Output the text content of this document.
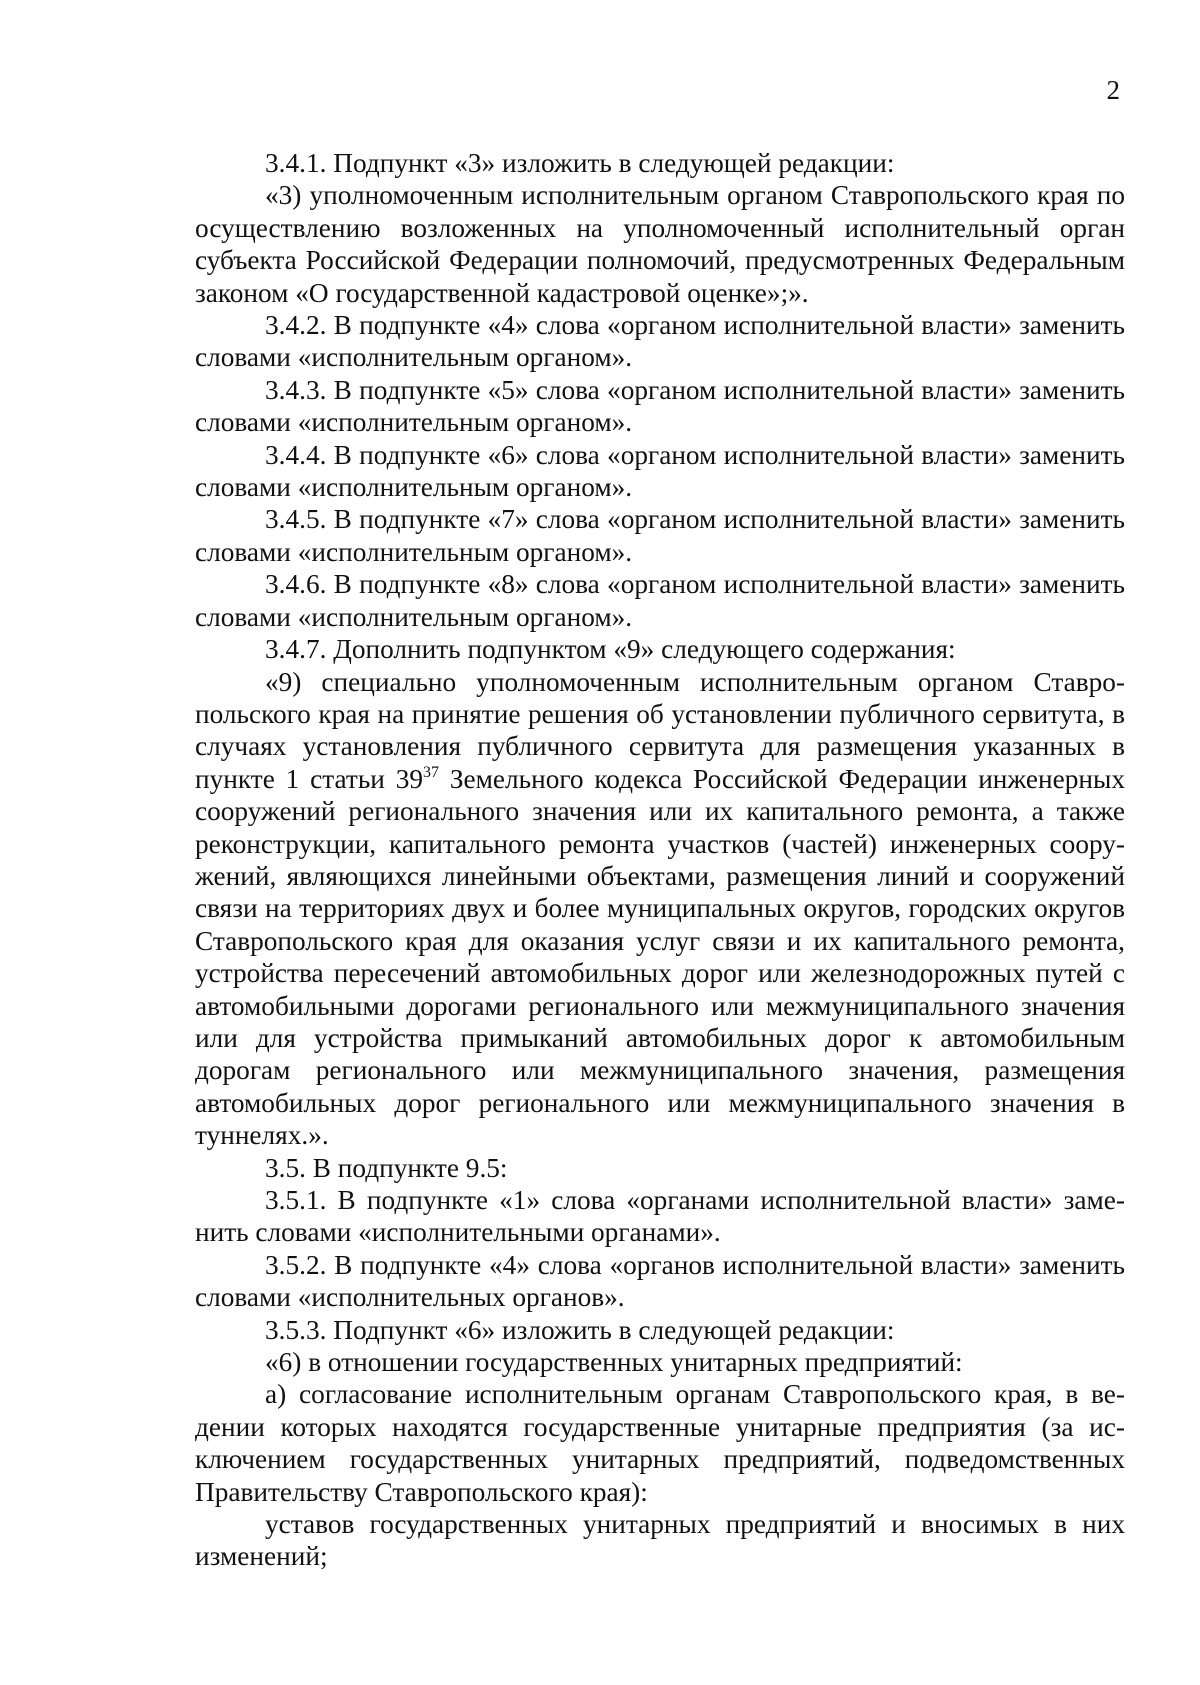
2

3.4.1. Подпункт «3» изложить в следующей редакции:

«3) уполномоченным исполнительным органом Ставропольского края по осуществлению возложенных на уполномоченный исполнительный орган субъекта Российской Федерации полномочий, предусмотренных Федеральным законом «О государственной кадастровой оценке»;».

3.4.2. В подпункте «4» слова «органом исполнительной власти» заменить словами «исполнительным органом».

3.4.3. В подпункте «5» слова «органом исполнительной власти» заменить словами «исполнительным органом».

3.4.4. В подпункте «6» слова «органом исполнительной власти» заменить словами «исполнительным органом».

3.4.5. В подпункте «7» слова «органом исполнительной власти» заменить словами «исполнительным органом».

3.4.6. В подпункте «8» слова «органом исполнительной власти» заменить словами «исполнительным органом».

3.4.7. Дополнить подпунктом «9» следующего содержания:

«9) специально уполномоченным исполнительным органом Ставропольского края на принятие решения об установлении публичного сервитута, в случаях установления публичного сервитута для размещения указанных в пункте 1 статьи $39^{37}$ Земельного кодекса Российской Федерации инженерных сооружений регионального значения или их капитального ремонта, а также реконструкции, капитального ремонта участков (частей) инженерных сооружений, являющихся линейными объектами, размещения линий и сооружений связи на территориях двух и более муниципальных округов, городских округов Ставропольского края для оказания услуг связи и их капитального ремонта, устройства пересечений автомобильных дорог или железнодорожных путей с автомобильными дорогами регионального или межмуниципального значения или для устройства примыканий автомобильных дорог к автомобильным дорогам регионального или межмуниципального значения, размещения автомобильных дорог регионального или межмуниципального значения в туннелях.».

3.5. В подпункте 9.5:

3.5.1. В подпункте «1» слова «органами исполнительной власти» заменить словами «исполнительными органами».

3.5.2. В подпункте «4» слова «органов исполнительной власти» заменить словами «исполнительных органов».

3.5.3. Подпункт «6» изложить в следующей редакции:

«6) в отношении государственных унитарных предприятий:

а) согласование исполнительным органам Ставропольского края, в ведении которых находятся государственные унитарные предприятия (за исключением государственных унитарных предприятий, подведомственных Правительству Ставропольского края):

уставов государственных унитарных предприятий и вносимых в них изменений;
